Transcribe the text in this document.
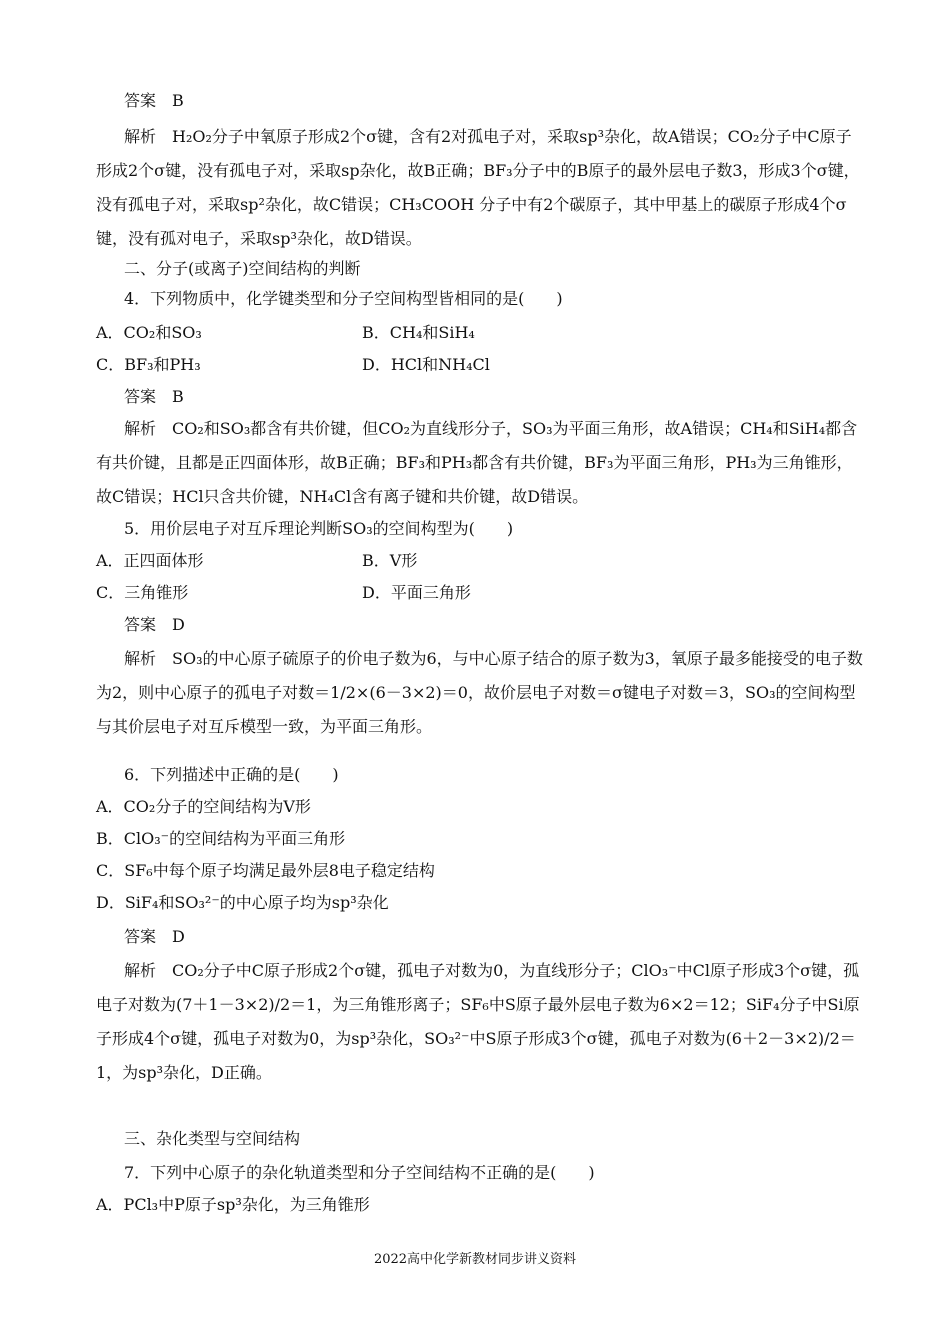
答案　B

解析　H₂O₂分子中氧原子形成2个σ键，含有2对孤电子对，采取sp³杂化，故A错误；CO₂分子中C原子形成2个σ键，没有孤电子对，采取sp杂化，故B正确；BF₃分子中的B原子的最外层电子数3，形成3个σ键，没有孤电子对，采取sp²杂化，故C错误；CH₃COOH 分子中有2个碳原子，其中甲基上的碳原子形成4个σ键，没有孤对电子，采取sp³杂化，故D错误。

二、分子(或离子)空间结构的判断
4．下列物质中，化学键类型和分子空间构型皆相同的是(　　)
A．CO₂和SO₃	B．CH₄和SiH₄
C．BF₃和PH₃	D．HCl和NH₄Cl
答案　B

解析　CO₂和SO₃都含有共价键，但CO₂为直线形分子，SO₃为平面三角形，故A错误；CH₄和SiH₄都含有共价键，且都是正四面体形，故B正确；BF₃和PH₃都含有共价键，BF₃为平面三角形，PH₃为三角锥形，故C错误；HCl只含共价键，NH₄Cl含有离子键和共价键，故D错误。

5．用价层电子对互斥理论判断SO₃的空间构型为(　　)
A．正四面体形	B．V形
C．三角锥形	D．平面三角形
答案　D

解析　SO₃的中心原子硫原子的价电子数为6，与中心原子结合的原子数为3，氧原子最多能接受的电子数为2，则中心原子的孤电子对数＝1/2×(6－3×2)＝0，故价层电子对数＝σ键电子对数＝3，SO₃的空间构型与其价层电子对互斥模型一致，为平面三角形。

6．下列描述中正确的是(　　)
A．CO₂分子的空间结构为V形
B．ClO₃⁻的空间结构为平面三角形
C．SF₆中每个原子均满足最外层8电子稳定结构
D．SiF₄和SO₃²⁻的中心原子均为sp³杂化
答案　D

解析　CO₂分子中C原子形成2个σ键，孤电子对数为0，为直线形分子；ClO₃⁻中Cl原子形成3个σ键，孤电子对数为(7＋1－3×2)/2＝1，为三角锥形离子；SF₆中S原子最外层电子数为6×2＝12；SiF₄分子中Si原子形成4个σ键，孤电子对数为0，为sp³杂化，SO₃²⁻中S原子形成3个σ键，孤电子对数为(6＋2－3×2)/2＝1，为sp³杂化，D正确。

三、杂化类型与空间结构
7．下列中心原子的杂化轨道类型和分子空间结构不正确的是(　　)
A．PCl₃中P原子sp³杂化，为三角锥形
2022高中化学新教材同步讲义资料
